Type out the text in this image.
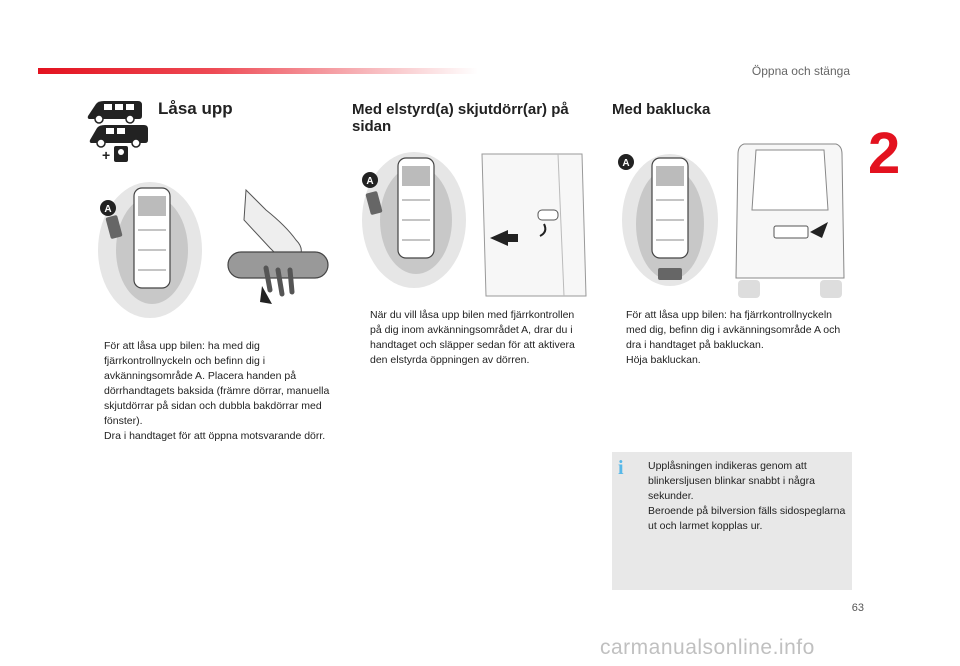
Öppna och stänga
2
+
Låsa upp
A

För att låsa upp bilen: ha med dig fjärrkontrollnyckeln och befinn dig i avkänningsområde A. Placera handen på dörrhandtagets baksida (främre dörrar, manuella skjutdörrar på sidan och dubbla bakdörrar med fönster).

Dra i handtaget för att öppna motsvarande dörr.

Med elstyrd(a) skjutdörr(ar) på sidan
A

När du vill låsa upp bilen med fjärrkontrollen på dig inom avkänningsområdet A, drar du i handtaget och släpper sedan för att aktivera den elstyrda öppningen av dörren.

Med baklucka
A

För att låsa upp bilen: ha fjärrkontrollnyckeln med dig, befinn dig i avkänningsområde A och dra i handtaget på bakluckan.

Höja bakluckan.

i	Upplåsningen indikeras genom att blinkersljusen blinkar snabbt i några sekunder.
Beroende på bilversion fälls sidospeglarna ut och larmet kopplas ur.
63
carmanualsonline.info
